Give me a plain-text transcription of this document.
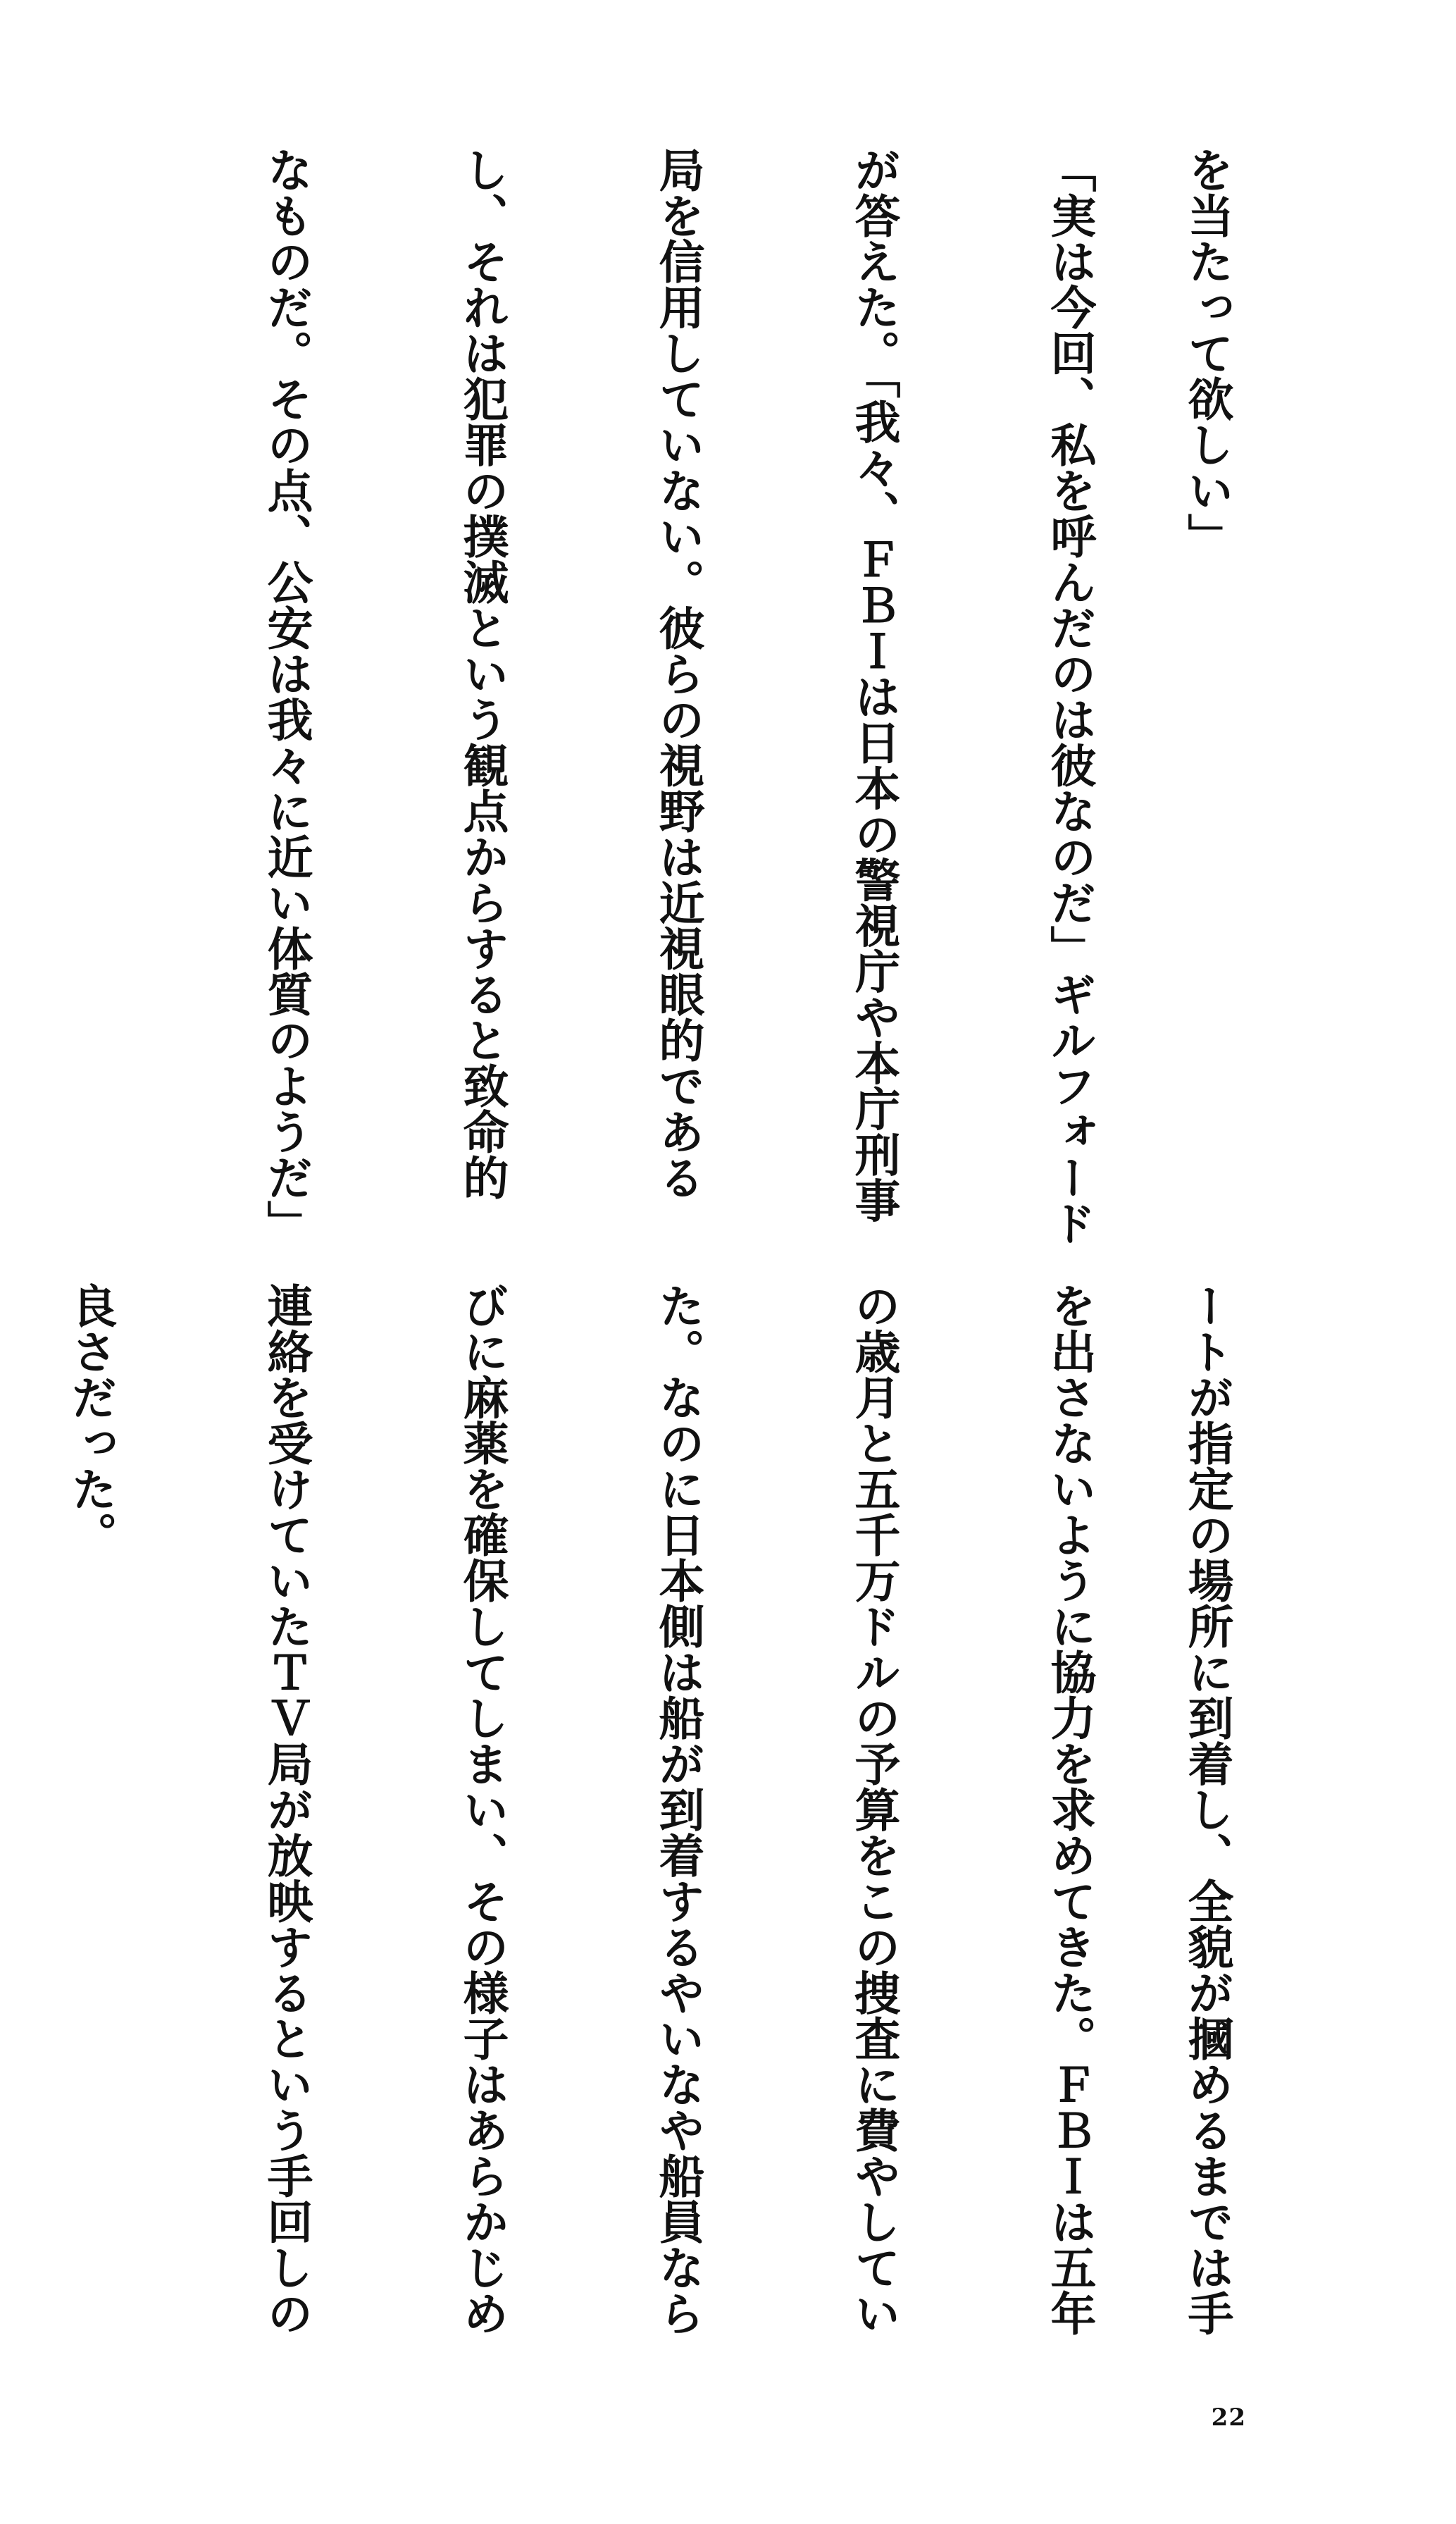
を当たって欲しい」

「実は今回、私を呼んだのは彼なのだ」ギルフォード

が答えた。「我々、ＦＢＩは日本の警視庁や本庁刑事

局を信用していない。彼らの視野は近視眼的である

し、それは犯罪の撲滅という観点からすると致命的

なものだ。その点、公安は我々に近い体質のようだ」

ートが指定の場所に到着し、全貌が摑めるまでは手

を出さないように協力を求めてきた。ＦＢＩは五年

の歳月と五千万ドルの予算をこの捜査に費やしてい

た。なのに日本側は船が到着するやいなや船員なら

びに麻薬を確保してしまい、その様子はあらかじめ

連絡を受けていたＴＶ局が放映するという手回しの

良さだった。

22
